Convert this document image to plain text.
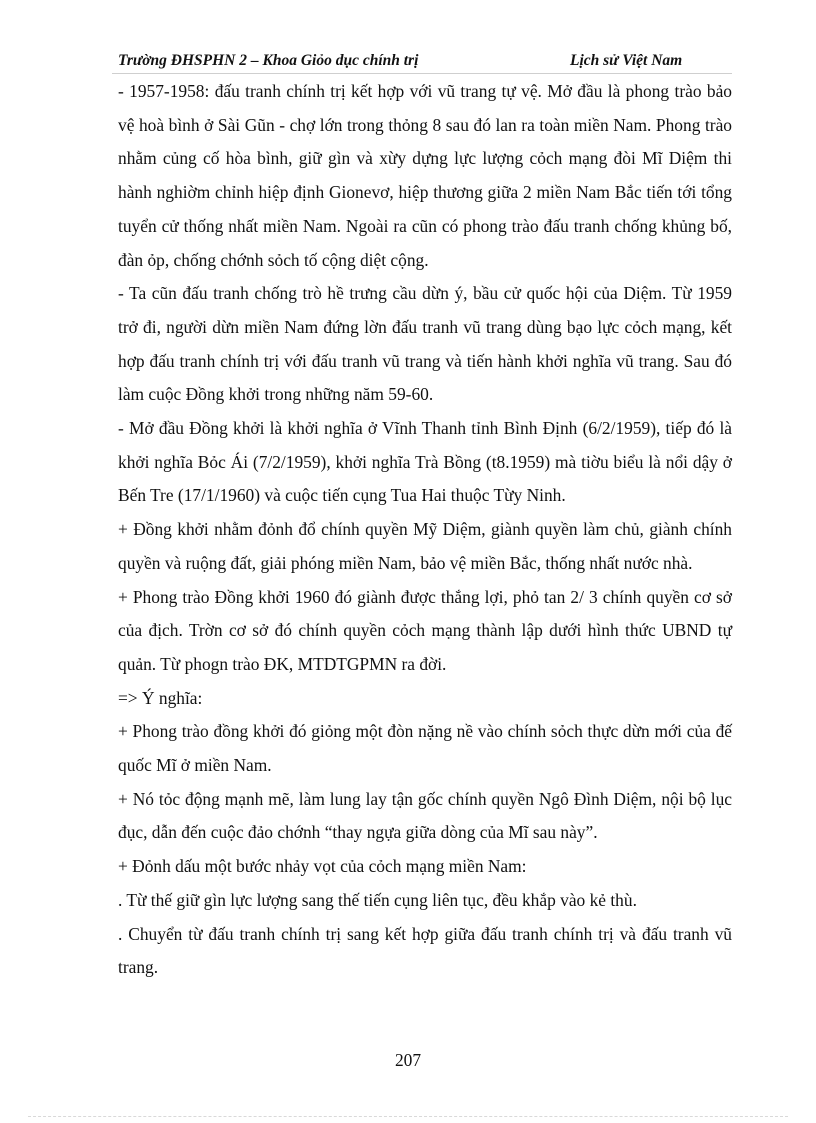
Trường ĐHSPHN 2 – Khoa Giỏo dục chính trị	Lịch sử Việt Nam

- 1957-1958: đấu tranh chính trị kết hợp với vũ trang tự vệ. Mở đầu là phong trào bảo vệ hoà bình ở Sài Gũn - chợ lớn trong thỏng 8 sau đó lan ra toàn miền Nam. Phong trào nhằm củng cố hòa bình, giữ gìn và xừy dựng lực lượng cỏch mạng đòi Mĩ Diệm thi hành nghiờm chỉnh hiệp định Gionevơ, hiệp thương giữa 2 miền Nam Bắc tiến tới tổng tuyển cử thống nhất miền Nam. Ngoài ra cũn có phong trào đấu tranh chống khủng bố, đàn ỏp, chống chớnh sỏch tố cộng diệt cộng.

- Ta cũn đấu tranh chống trò hề trưng cầu dừn ý, bầu cử quốc hội của Diệm. Từ 1959 trở đi, người dừn miền Nam đứng lờn đấu tranh vũ trang dùng bạo lực cỏch mạng, kết hợp đấu tranh chính trị với đấu tranh vũ trang và tiến hành khởi nghĩa vũ trang. Sau đó làm cuộc Đồng khởi trong những năm 59-60.

- Mở đầu Đồng khởi là khởi nghĩa ở Vĩnh Thanh tỉnh Bình Định (6/2/1959), tiếp đó là khởi nghĩa Bỏc Ái (7/2/1959), khởi nghĩa Trà Bồng (t8.1959) mà tiờu biểu là nổi dậy ở Bến Tre (17/1/1960) và cuộc tiến cụng Tua Hai thuộc Từy Ninh.

+ Đồng khởi nhằm đỏnh đổ chính quyền Mỹ Diệm, giành quyền làm chủ, giành chính quyền và ruộng đất, giải phóng miền Nam, bảo vệ miền Bắc, thống nhất nước nhà.

+ Phong trào Đồng khởi 1960 đó giành được thắng lợi, phỏ tan 2/ 3 chính quyền cơ sở của địch. Trờn cơ sở đó chính quyền cỏch mạng thành lập dưới hình thức UBND tự quản. Từ phogn trào ĐK, MTDTGPMN ra đời.

=> Ý nghĩa:

+ Phong trào đồng khởi đó giỏng một đòn nặng nề vào chính sỏch thực dừn mới của đế quốc Mĩ ở miền Nam.

+ Nó tỏc động mạnh mẽ, làm lung lay tận gốc chính quyền Ngô Đình Diệm, nội bộ lục đục, dẫn đến cuộc đảo chớnh “thay ngựa giữa dòng của Mĩ sau này”.

+ Đỏnh dấu một bước nhảy vọt của cỏch mạng miền Nam:

. Từ thế giữ gìn lực lượng sang thế tiến cụng liên tục, đều khắp vào kẻ thù.

. Chuyển từ đấu tranh chính trị sang kết hợp giữa đấu tranh chính trị và đấu tranh vũ trang.

207
